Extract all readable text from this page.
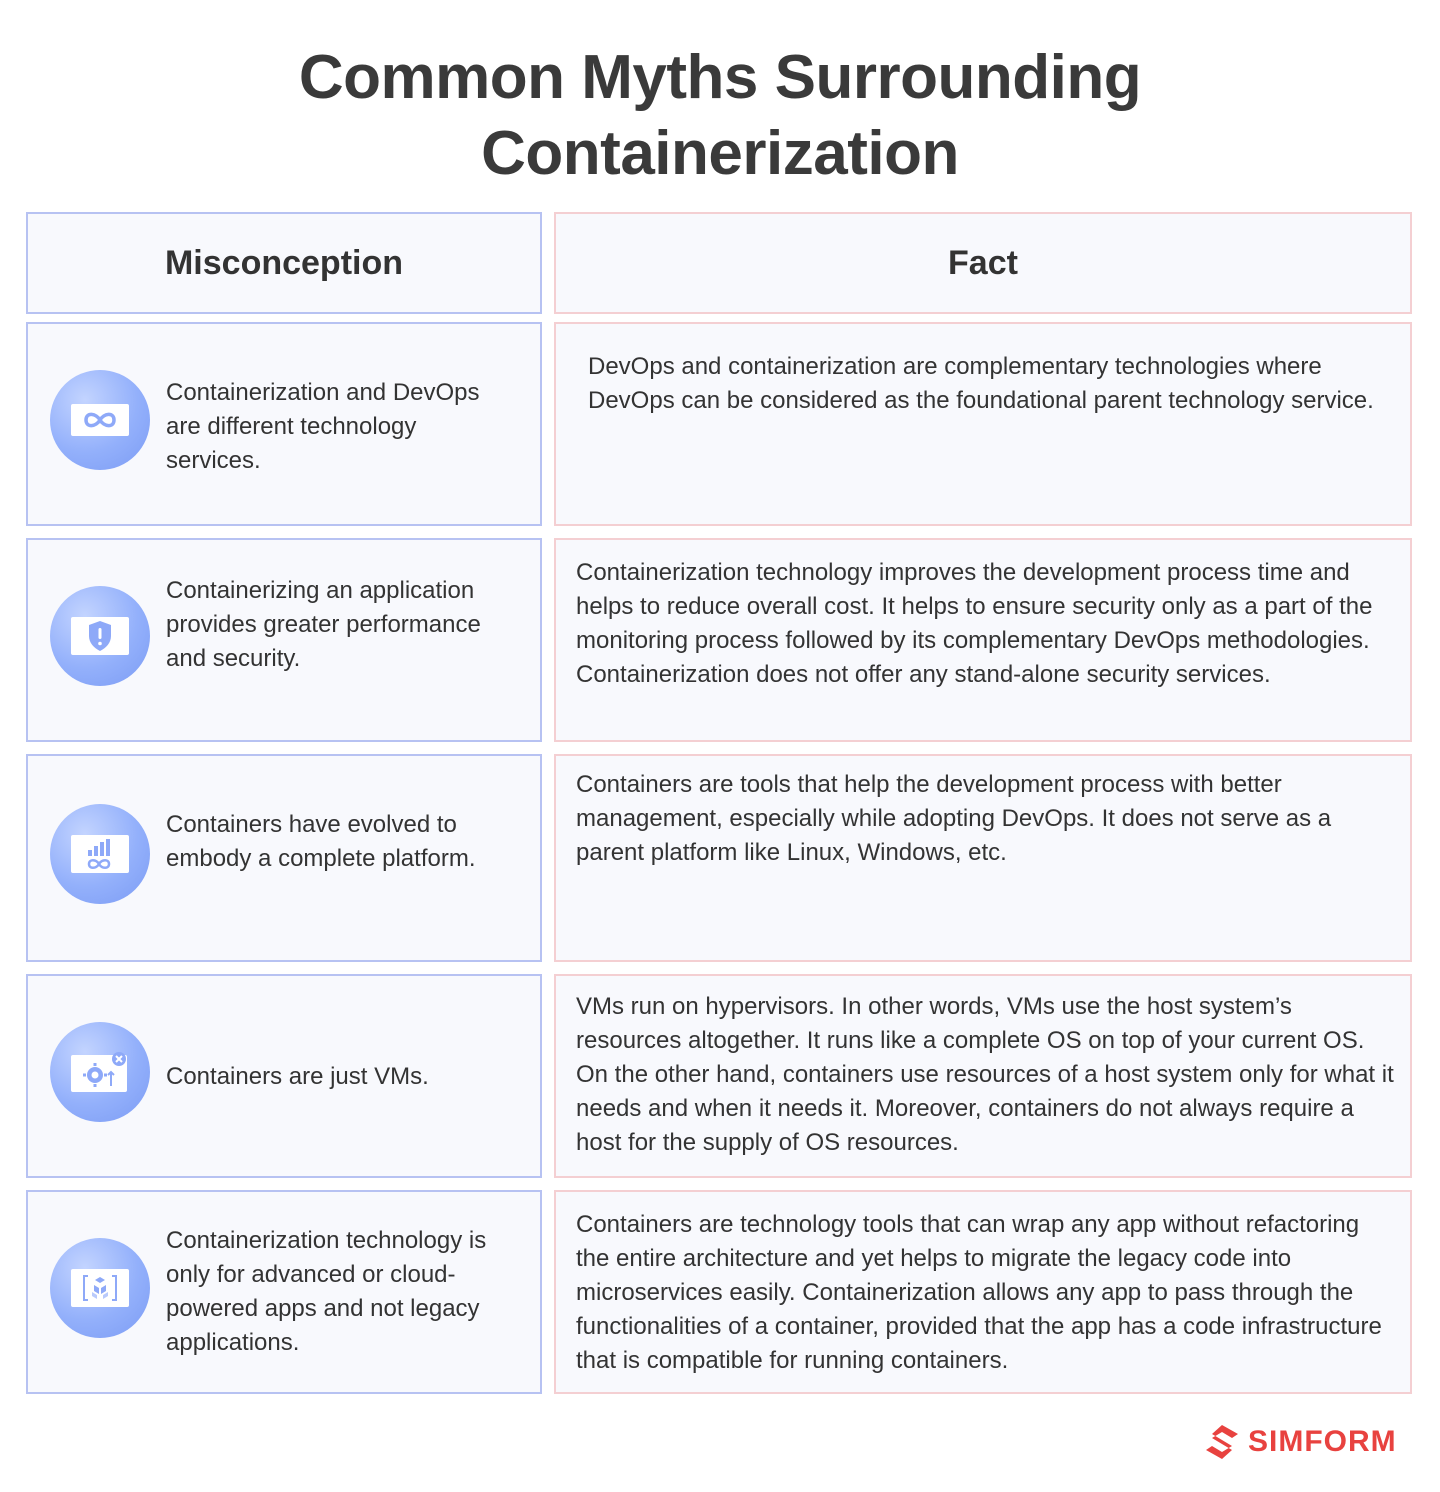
Common Myths Surrounding
Containerization
Misconception	Fact
Containerization and DevOps are different technology services.
DevOps and containerization are complementary technologies where DevOps can be considered as the foundational parent technology service.
Containerizing an application provides greater performance and security.
Containerization technology improves the development process time and helps to reduce overall cost. It helps to ensure security only as a part of the monitoring process followed by its complementary DevOps methodologies. Containerization does not offer any stand-alone security services.
Containers have evolved to embody a complete platform.
Containers are tools that help the development process with better management, especially while adopting DevOps. It does not serve as a parent platform like Linux, Windows, etc.
Containers are just VMs.
VMs run on hypervisors. In other words, VMs use the host system’s resources altogether. It runs like a complete OS on top of your current OS. On the other hand, containers use resources of a host system only for what it needs and when it needs it. Moreover, containers do not always require a host for the supply of OS resources.
Containerization technology is only for advanced or cloud-powered apps and not legacy applications.
Containers are technology tools that can wrap any app without refactoring the entire architecture and yet helps to migrate the legacy code into microservices easily. Containerization allows any app to pass through the functionalities of a container, provided that the app has a code infrastructure that is compatible for running containers.
SIMFORM
